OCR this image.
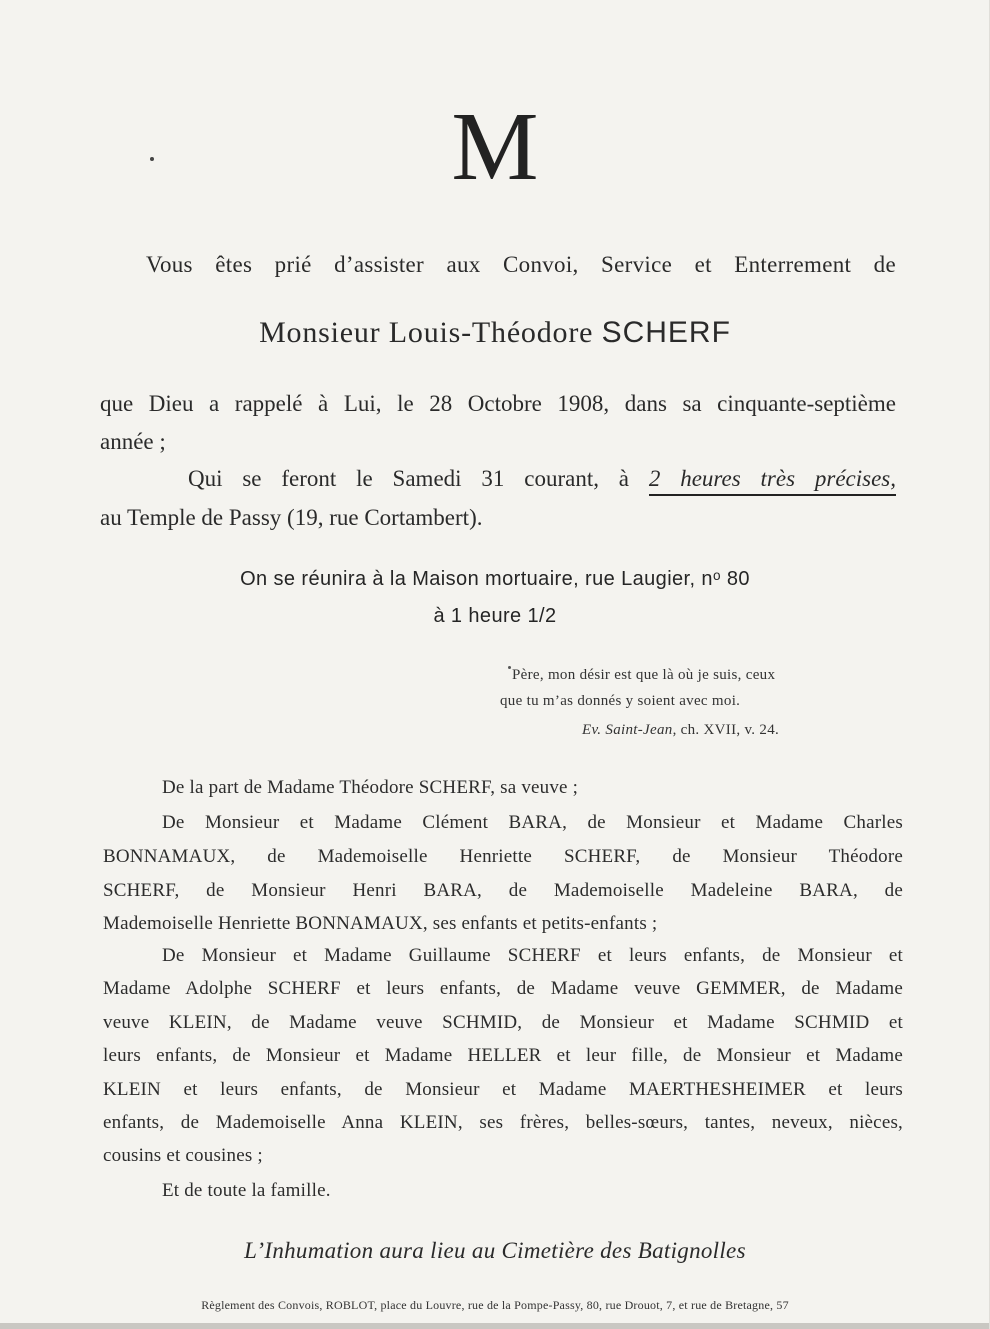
M
Vous êtes prié d’assister aux Convoi, Service et Enterrement de
Monsieur Louis-Théodore SCHERF
que Dieu a rappelé à Lui, le 28 Octobre 1908, dans sa cinquante-septième
année ;
Qui se feront le Samedi 31 courant, à 2 heures très précises,
au Temple de Passy (19, rue Cortambert).
On se réunira à la Maison mortuaire, rue Laugier, nᵒ 80
à 1 heure 1/2
Père, mon désir est que là où je suis, ceux
que tu m’as donnés y soient avec moi.
Ev. Saint-Jean, ch. XVII, v. 24.
De la part de Madame Théodore SCHERF, sa veuve ;
De Monsieur et Madame Clément BARA, de Monsieur et Madame Charles
BONNAMAUX, de Mademoiselle Henriette SCHERF, de Monsieur Théodore
SCHERF, de Monsieur Henri BARA, de Mademoiselle Madeleine BARA, de
Mademoiselle Henriette BONNAMAUX, ses enfants et petits-enfants ;
De Monsieur et Madame Guillaume SCHERF et leurs enfants, de Monsieur et
Madame Adolphe SCHERF et leurs enfants, de Madame veuve GEMMER, de Madame
veuve KLEIN, de Madame veuve SCHMID, de Monsieur et Madame SCHMID et
leurs enfants, de Monsieur et Madame HELLER et leur fille, de Monsieur et Madame
KLEIN et leurs enfants, de Monsieur et Madame MAERTHESHEIMER et leurs
enfants, de Mademoiselle Anna KLEIN, ses frères, belles-sœurs, tantes, neveux, nièces,
cousins et cousines ;
Et de toute la famille.
L’Inhumation aura lieu au Cimetière des Batignolles
Règlement des Convois, ROBLOT, place du Louvre, rue de la Pompe-Passy, 80, rue Drouot, 7, et rue de Bretagne, 57
